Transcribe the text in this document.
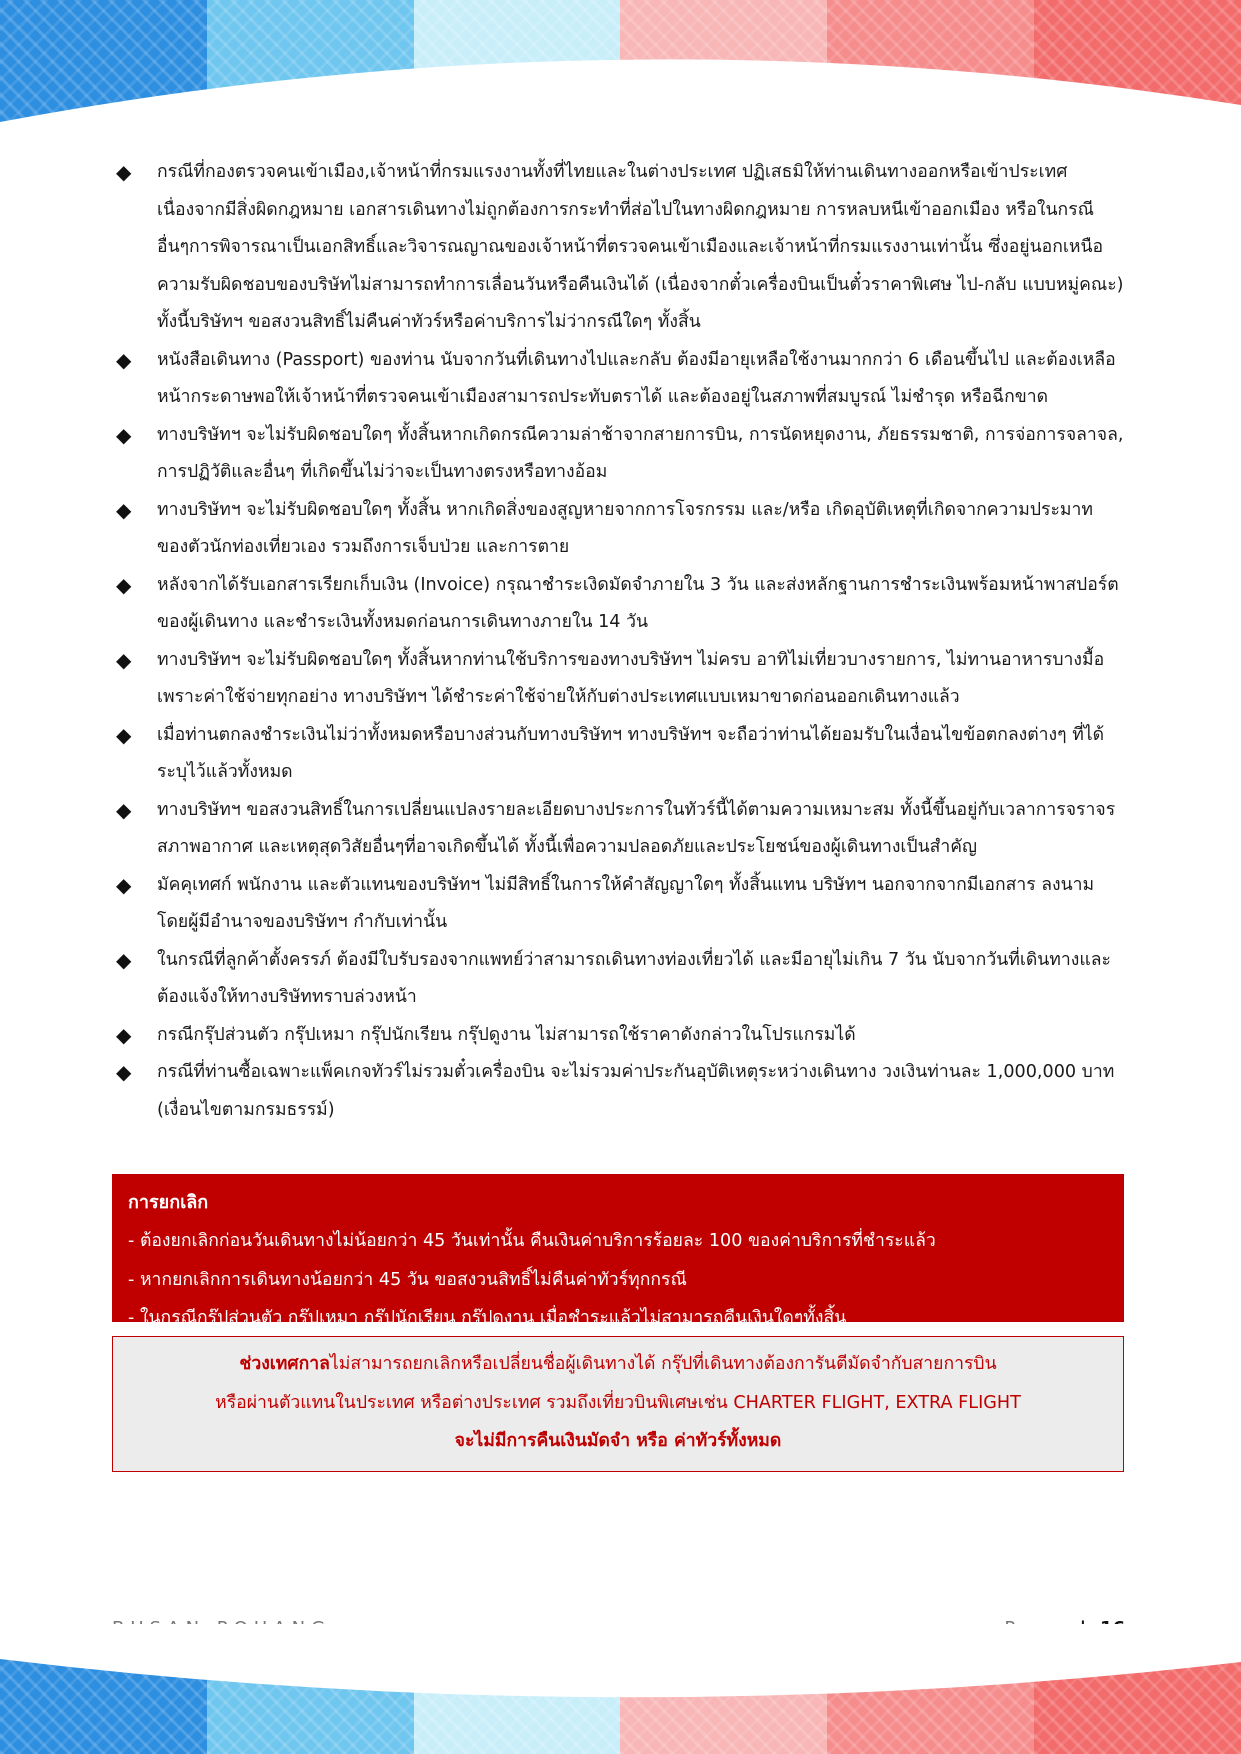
◆ กรณีที่กองตรวจคนเข้าเมือง,เจ้าหน้าที่กรมแรงงานทั้งที่ไทยและในต่างประเทศ ปฏิเสธมิให้ท่านเดินทางออกหรือเข้าประเทศ เนื่องจากมีสิ่งผิดกฎหมาย เอกสารเดินทางไม่ถูกต้องการกระทำที่ส่อไปในทางผิดกฎหมาย การหลบหนีเข้าออกเมือง หรือในกรณีอื่นๆการพิจารณาเป็นเอกสิทธิ์และวิจารณญาณของเจ้าหน้าที่ตรวจคนเข้าเมืองและเจ้าหน้าที่กรมแรงงานเท่านั้น ซึ่งอยู่นอกเหนือความรับผิดชอบของบริษัทไม่สามารถทำการเลื่อนวันหรือคืนเงินได้ (เนื่องจากตั๋วเครื่องบินเป็นตั๋วราคาพิเศษ ไป-กลับ แบบหมู่คณะ) ทั้งนี้บริษัทฯ ขอสงวนสิทธิ์ไม่คืนค่าทัวร์หรือค่าบริการไม่ว่ากรณีใดๆ ทั้งสิ้น
◆ หนังสือเดินทาง (Passport) ของท่าน นับจากวันที่เดินทางไปและกลับ ต้องมีอายุเหลือใช้งานมากกว่า 6 เดือนขึ้นไป และต้องเหลือหน้ากระดาษพอให้เจ้าหน้าที่ตรวจคนเข้าเมืองสามารถประทับตราได้ และต้องอยู่ในสภาพที่สมบูรณ์ ไม่ชำรุด หรือฉีกขาด
◆ ทางบริษัทฯ จะไม่รับผิดชอบใดๆ ทั้งสิ้นหากเกิดกรณีความล่าช้าจากสายการบิน, การนัดหยุดงาน, ภัยธรรมชาติ, การจ่อการจลาจล, การปฏิวัติและอื่นๆ ที่เกิดขึ้นไม่ว่าจะเป็นทางตรงหรือทางอ้อม
◆ ทางบริษัทฯ จะไม่รับผิดชอบใดๆ ทั้งสิ้น หากเกิดสิ่งของสูญหายจากการโจรกรรม และ/หรือ เกิดอุบัติเหตุที่เกิดจากความประมาทของตัวนักท่องเที่ยวเอง รวมถึงการเจ็บป่วย และการตาย
◆ หลังจากได้รับเอกสารเรียกเก็บเงิน (Invoice) กรุณาชำระเงิดมัดจำภายใน 3 วัน และส่งหลักฐานการชำระเงินพร้อมหน้าพาสปอร์ตของผู้เดินทาง และชำระเงินทั้งหมดก่อนการเดินทางภายใน 14 วัน
◆ ทางบริษัทฯ จะไม่รับผิดชอบใดๆ ทั้งสิ้นหากท่านใช้บริการของทางบริษัทฯ ไม่ครบ อาทิไม่เที่ยวบางรายการ, ไม่ทานอาหารบางมื้อเพราะค่าใช้จ่ายทุกอย่าง ทางบริษัทฯ ได้ชำระค่าใช้จ่ายให้กับต่างประเทศแบบเหมาขาดก่อนออกเดินทางแล้ว
◆ เมื่อท่านตกลงชำระเงินไม่ว่าทั้งหมดหรือบางส่วนกับทางบริษัทฯ ทางบริษัทฯ จะถือว่าท่านได้ยอมรับในเงื่อนไขข้อตกลงต่างๆ ที่ได้ระบุไว้แล้วทั้งหมด
◆ ทางบริษัทฯ ขอสงวนสิทธิ์ในการเปลี่ยนแปลงรายละเอียดบางประการในทัวร์นี้ได้ตามความเหมาะสม ทั้งนี้ขึ้นอยู่กับเวลาการจราจร สภาพอากาศ และเหตุสุดวิสัยอื่นๆที่อาจเกิดขึ้นได้ ทั้งนี้เพื่อความปลอดภัยและประโยชน์ของผู้เดินทางเป็นสำคัญ
◆ มัคคุเทศก์ พนักงาน และตัวแทนของบริษัทฯ ไม่มีสิทธิ์ในการให้คำสัญญาใดๆ ทั้งสิ้นแทน บริษัทฯ นอกจากจากมีเอกสาร ลงนามโดยผู้มีอำนาจของบริษัทฯ กำกับเท่านั้น
◆ ในกรณีที่ลูกค้าตั้งครรภ์ ต้องมีใบรับรองจากแพทย์ว่าสามารถเดินทางท่องเที่ยวได้ และมีอายุไม่เกิน 7 วัน นับจากวันที่เดินทางและต้องแจ้งให้ทางบริษัททราบล่วงหน้า
◆ กรณีกรุ๊ปส่วนตัว กรุ๊ปเหมา กรุ๊ปนักเรียน กรุ๊ปดูงาน ไม่สามารถใช้ราคาดังกล่าวในโปรแกรมได้
◆ กรณีที่ท่านซื้อเฉพาะแพ็คเกจทัวร์ไม่รวมตั๋วเครื่องบิน จะไม่รวมค่าประกันอุบัติเหตุระหว่างเดินทาง วงเงินท่านละ 1,000,000 บาท (เงื่อนไขตามกรมธรรม์)
การยกเลิก
- ต้องยกเลิกก่อนวันเดินทางไม่น้อยกว่า 45 วันเท่านั้น คืนเงินค่าบริการร้อยละ 100 ของค่าบริการที่ชำระแล้ว
- หากยกเลิกการเดินทางน้อยกว่า 45 วัน ขอสงวนสิทธิ์ไม่คืนค่าทัวร์ทุกกรณี
- ในกรณีกรุ๊ปส่วนตัว กรุ๊ปเหมา กรุ๊ปนักเรียน กรุ๊ปดูงาน เมื่อชำระแล้วไม่สามารถคืนเงินใดๆทั้งสิ้น
ช่วงเทศกาลไม่สามารถยกเลิกหรือเปลี่ยนชื่อผู้เดินทางได้ กรุ๊ปที่เดินทางต้องการันตีมัดจำกับสายการบิน
หรือผ่านตัวแทนในประเทศ หรือต่างประเทศ รวมถึงเที่ยวบินพิเศษเช่น CHARTER FLIGHT, EXTRA FLIGHT
จะไม่มีการคืนเงินมัดจำ หรือ ค่าทัวร์ทั้งหมด
